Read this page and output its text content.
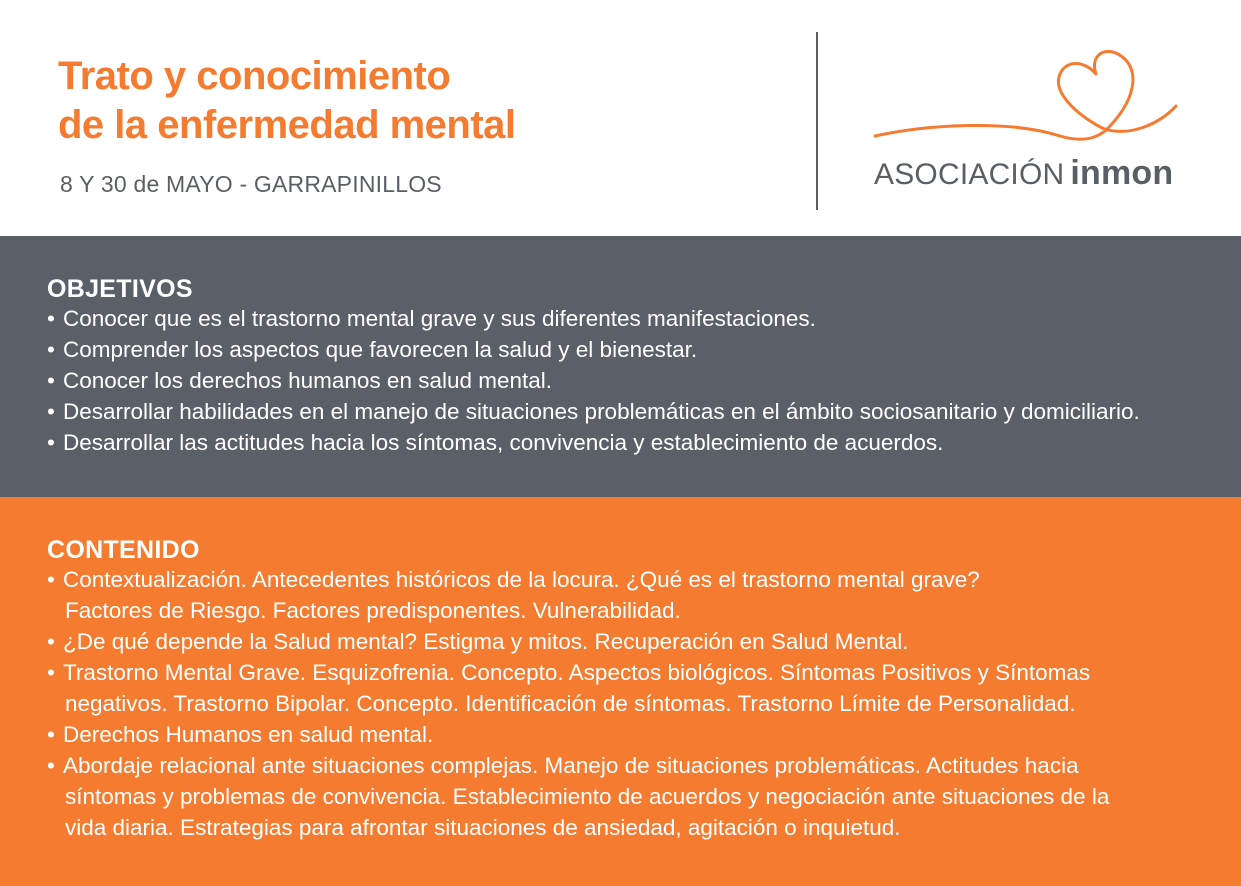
Trato y conocimiento
de la enfermedad mental
8 Y 30 de MAYO - GARRAPINILLOS	ASOCIACIÓN inmon
OBJETIVOS
• Conocer que es el trastorno mental grave y sus diferentes manifestaciones.
• Comprender los aspectos que favorecen la salud y el bienestar.
• Conocer los derechos humanos en salud mental.
• Desarrollar habilidades en el manejo de situaciones problemáticas en el ámbito sociosanitario y domiciliario.
• Desarrollar las actitudes hacia los síntomas, convivencia y establecimiento de acuerdos.
CONTENIDO
• Contextualización. Antecedentes históricos de la locura. ¿Qué es el trastorno mental grave?
Factores de Riesgo. Factores predisponentes. Vulnerabilidad.
• ¿De qué depende la Salud mental? Estigma y mitos. Recuperación en Salud Mental.
• Trastorno Mental Grave. Esquizofrenia. Concepto. Aspectos biológicos. Síntomas Positivos y Síntomas
negativos. Trastorno Bipolar. Concepto. Identificación de síntomas. Trastorno Límite de Personalidad.
• Derechos Humanos en salud mental.
• Abordaje relacional ante situaciones complejas. Manejo de situaciones problemáticas. Actitudes hacia
síntomas y problemas de convivencia. Establecimiento de acuerdos y negociación ante situaciones de la
vida diaria. Estrategias para afrontar situaciones de ansiedad, agitación o inquietud.
